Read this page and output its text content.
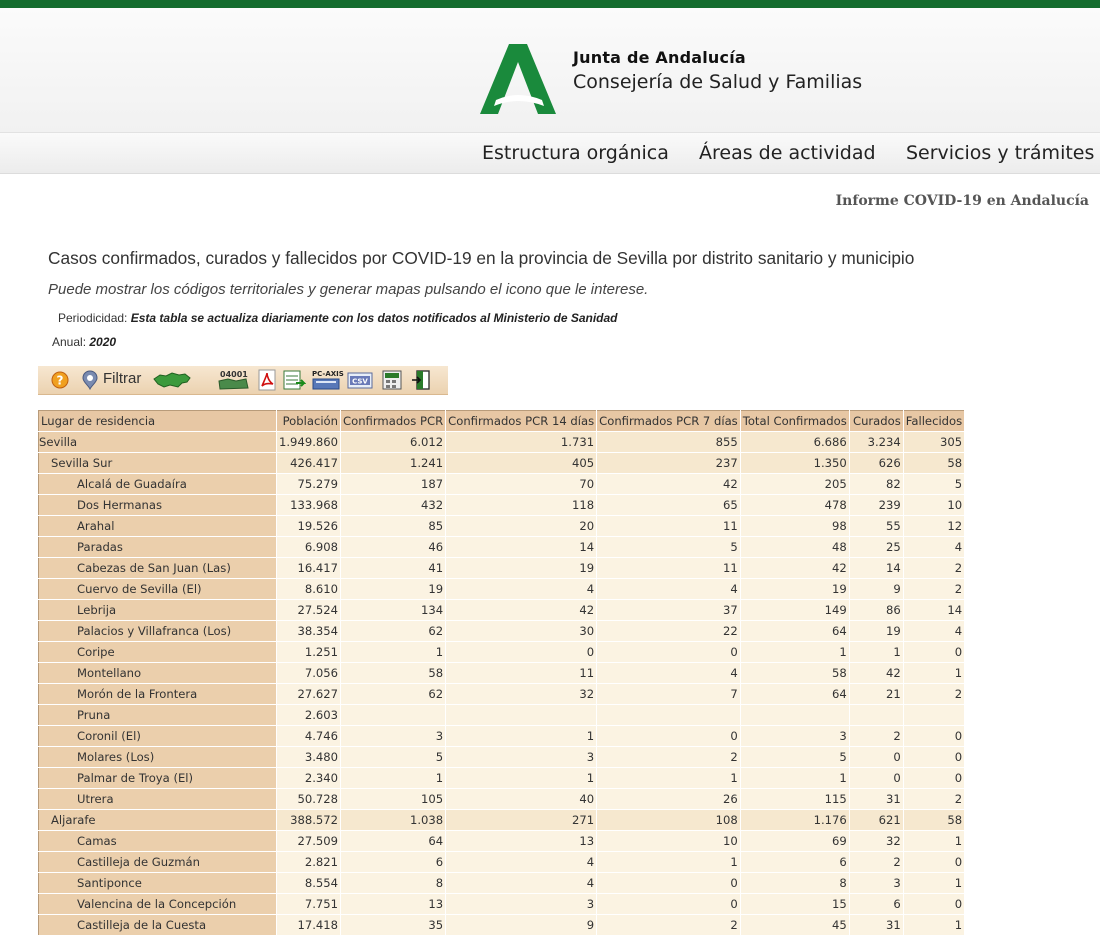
Junta de Andalucía
Consejería de Salud y Familias
Estructura orgánica Áreas de actividad Servicios y trámites
Informe COVID-19 en Andalucía
Casos confirmados, curados y fallecidos por COVID-19 en la provincia de Sevilla por distrito sanitario y municipio
Puede mostrar los códigos territoriales y generar mapas pulsando el icono que le interese.
Periodicidad: Esta tabla se actualiza diariamente con los datos notificados al Ministerio de Sanidad
Anual: 2020
?	Filtrar	04001	PC-AXIS
CSV
Lugar de residencia	Población	Confirmados PCR	Confirmados PCR 14 días	Confirmados PCR 7 días	Total Confirmados	Curados	Fallecidos
Sevilla	1.949.860	6.012	1.731	855	6.686	3.234	305
Sevilla Sur	426.417	1.241	405	237	1.350	626	58
Alcalá de Guadaíra	75.279	187	70	42	205	82	5
Dos Hermanas	133.968	432	118	65	478	239	10
Arahal	19.526	85	20	11	98	55	12
Paradas	6.908	46	14	5	48	25	4
Cabezas de San Juan (Las)	16.417	41	19	11	42	14	2
Cuervo de Sevilla (El)	8.610	19	4	4	19	9	2
Lebrija	27.524	134	42	37	149	86	14
Palacios y Villafranca (Los)	38.354	62	30	22	64	19	4
Coripe	1.251	1	0	0	1	1	0
Montellano	7.056	58	11	4	58	42	1
Morón de la Frontera	27.627	62	32	7	64	21	2
Pruna	2.603						
Coronil (El)	4.746	3	1	0	3	2	0
Molares (Los)	3.480	5	3	2	5	0	0
Palmar de Troya (El)	2.340	1	1	1	1	0	0
Utrera	50.728	105	40	26	115	31	2
Aljarafe	388.572	1.038	271	108	1.176	621	58
Camas	27.509	64	13	10	69	32	1
Castilleja de Guzmán	2.821	6	4	1	6	2	0
Santiponce	8.554	8	4	0	8	3	1
Valencina de la Concepción	7.751	13	3	0	15	6	0
Castilleja de la Cuesta	17.418	35	9	2	45	31	1
